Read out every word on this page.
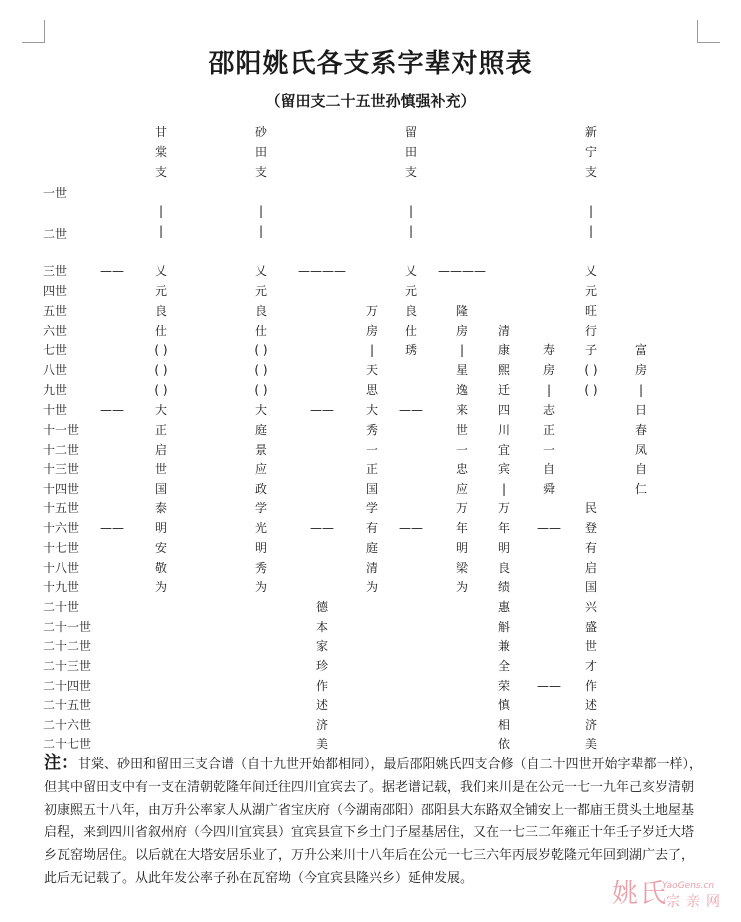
邵阳姚氏各支系字辈对照表
（留田支二十五世孙慎强补充）
一世
二世
三世
四世
五世
六世
七世
八世
九世
十世
十一世
十二世
十三世
十四世
十五世
十六世
十七世
十八世
十九世
二十世
二十一世
二十二世
二十三世
二十四世
二十五世
二十六世
二十七世
——
——
——
甘
棠
支
|
|
乂
元
良
仕
( )
( )
( )
大
正
启
世
国
泰
明
安
敬
为
砂
田
支
|
|
乂
元
良
仕
( )
( )
( )
大
庭
景
应
政
学
光
明
秀
为
————
——
——
德
本
家
珍
作
述
济
美
万
房
|
天
思
大
秀
一
正
国
学
有
庭
清
为
留
田
支
|
|
乂
元
良
仕
琇
——
——
————
隆
房
|
星
逸
来
世
一
忠
应
万
年
明
梁
为
清
康
熙
迁
四
川
宜
宾
|
万
年
明
良
绩
惠
斛
兼
全
荣
慎
相
依
寿
房
|
志
正
一
自
舜
——
——
新
宁
支
|
|
乂
元
旺
行
子
( )
( )
民
登
有
启
国
兴
盛
世
才
作
述
济
美
富
房
|
日
春
凤
自
仁

注：甘棠、砂田和留田三支合谱（自十九世开始都相同），最后邵阳姚氏四支合修（自二十四世开始字辈都一样），但其中留田支中有一支在清朝乾隆年间迁往四川宜宾去了。据老谱记载，我们来川是在公元一七一九年己亥岁清朝初康熙五十八年，由万升公率家人从湖广省宝庆府（今湖南邵阳）邵阳县大东路双全铺安上一都庙王贯头土地屋基启程，来到四川省叙州府（今四川宜宾县）宜宾县宣下乡土门子屋基居住，又在一七三二年雍正十年壬子岁迁大塔乡瓦窑坳居住。以后就在大塔安居乐业了，万升公来川十八年后在公元一七三六年丙辰岁乾隆元年回到湖广去了，此后无记载了。从此年发公率子孙在瓦窑坳（今宜宾县隆兴乡）延伸发展。

姚氏
YaoGens.cn
宗亲网
